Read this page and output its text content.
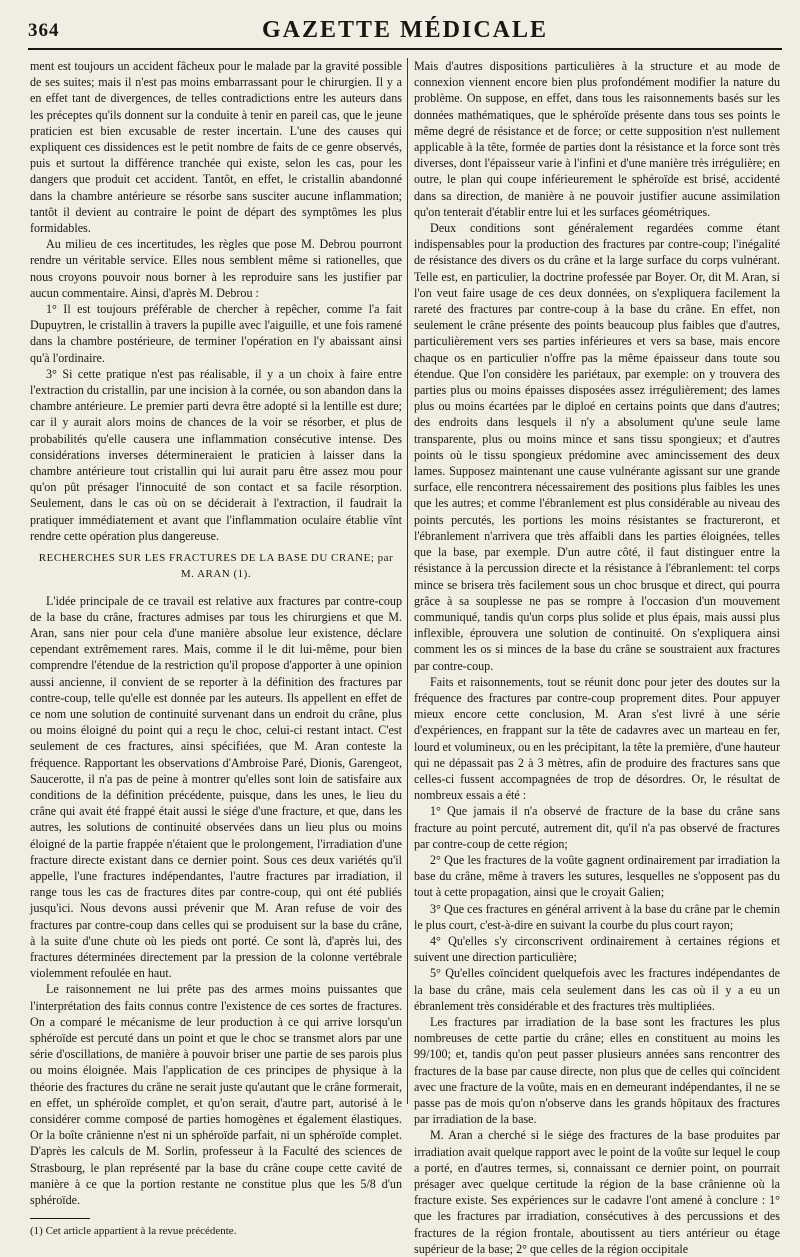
364	GAZETTE MÉDICALE

ment est toujours un accident fâcheux pour le malade par la gravité possible de ses suites; mais il n'est pas moins embarrassant pour le chirurgien. Il y a en effet tant de divergences, de telles contradictions entre les auteurs dans les préceptes qu'ils donnent sur la conduite à tenir en pareil cas, que le jeune praticien est bien excusable de rester incertain. L'une des causes qui expliquent ces dissidences est le petit nombre de faits de ce genre observés, puis et surtout la différence tranchée qui existe, selon les cas, pour les dangers que produit cet accident. Tantôt, en effet, le cristallin abandonné dans la chambre antérieure se résorbe sans susciter aucune inflammation; tantôt il devient au contraire le point de départ des symptômes les plus formidables.

Au milieu de ces incertitudes, les règles que pose M. Debrou pourront rendre un véritable service. Elles nous semblent même si rationelles, que nous croyons pouvoir nous borner à les reproduire sans les justifier par aucun commentaire. Ainsi, d'après M. Debrou :

1° Il est toujours préférable de chercher à repêcher, comme l'a fait Dupuytren, le cristallin à travers la pupille avec l'aiguille, et une fois ramené dans la chambre postérieure, de terminer l'opération en l'y abaissant ainsi qu'à l'ordinaire.

3° Si cette pratique n'est pas réalisable, il y a un choix à faire entre l'extraction du cristallin, par une incision à la cornée, ou son abandon dans la chambre antérieure. Le premier parti devra être adopté si la lentille est dure; car il y aurait alors moins de chances de la voir se résorber, et plus de probabilités qu'elle causera une inflammation consécutive intense. Des considérations inverses détermineraient le praticien à laisser dans la chambre antérieure tout cristallin qui lui aurait paru être assez mou pour qu'on pût présager l'innocuité de son contact et sa facile résorption. Seulement, dans le cas où on se déciderait à l'extraction, il faudrait la pratiquer immédiatement et avant que l'inflammation oculaire établie vînt rendre cette opération plus dangereuse.

RECHERCHES SUR LES FRACTURES DE LA BASE DU CRANE; par
M. ARAN (1).

L'idée principale de ce travail est relative aux fractures par contre-coup de la base du crâne, fractures admises par tous les chirurgiens et que M. Aran, sans nier pour cela d'une manière absolue leur existence, déclare cependant extrêmement rares. Mais, comme il le dit lui-même, pour bien comprendre l'étendue de la restriction qu'il propose d'apporter à une opinion aussi ancienne, il convient de se reporter à la définition des fractures par contre-coup, telle qu'elle est donnée par les auteurs. Ils appellent en effet de ce nom une solution de continuité survenant dans un endroit du crâne, plus ou moins éloigné du point qui a reçu le choc, celui-ci restant intact. C'est seulement de ces fractures, ainsi spécifiées, que M. Aran conteste la fréquence. Rapportant les observations d'Ambroise Paré, Dionis, Garengeot, Saucerotte, il n'a pas de peine à montrer qu'elles sont loin de satisfaire aux conditions de la définition précédente, puisque, dans les unes, le lieu du crâne qui avait été frappé était aussi le siége d'une fracture, et que, dans les autres, les solutions de continuité observées dans un lieu plus ou moins éloigné de la partie frappée n'étaient que le prolongement, l'irradiation d'une fracture directe existant dans ce dernier point. Sous ces deux variétés qu'il appelle, l'une fractures indépendantes, l'autre fractures par irradiation, il range tous les cas de fractures dites par contre-coup, qui ont été publiés jusqu'ici. Nous devons aussi prévenir que M. Aran refuse de voir des fractures par contre-coup dans celles qui se produisent sur la base du crâne, à la suite d'une chute où les pieds ont porté. Ce sont là, d'après lui, des fractures déterminées directement par la pression de la colonne vertébrale violemment refoulée en haut.

Le raisonnement ne lui prête pas des armes moins puissantes que l'interprétation des faits connus contre l'existence de ces sortes de fractures. On a comparé le mécanisme de leur production à ce qui arrive lorsqu'un sphéroïde est percuté dans un point et que le choc se transmet alors par une série d'oscillations, de manière à pouvoir briser une partie de ses parois plus ou moins éloignée. Mais l'application de ces principes de physique à la théorie des fractures du crâne ne serait juste qu'autant que le crâne formerait, en effet, un sphéroïde complet, et qu'on serait, d'autre part, autorisé à le considérer comme composé de parties homogènes et également élastiques. Or la boîte crânienne n'est ni un sphéroïde parfait, ni un sphéroïde complet. D'après les calculs de M. Sorlin, professeur à la Faculté des sciences de Strasbourg, le plan représenté par la base du crâne coupe cette cavité de manière à ce que la portion restante ne constitue plus que les 5/8 d'un sphéroïde.

(1) Cet article appartient à la revue précédente.

Mais d'autres dispositions particulières à la structure et au mode de connexion viennent encore bien plus profondément modifier la nature du problème. On suppose, en effet, dans tous les raisonnements basés sur les données mathématiques, que le sphéroïde présente dans tous ses points le même degré de résistance et de force; or cette supposition n'est nullement applicable à la tête, formée de parties dont la résistance et la force sont très diverses, dont l'épaisseur varie à l'infini et d'une manière très irrégulière; en outre, le plan qui coupe inférieurement le sphéroïde est brisé, accidenté dans sa direction, de manière à ne pouvoir justifier aucune assimilation qu'on tenterait d'établir entre lui et les surfaces géométriques.

Deux conditions sont généralement regardées comme étant indispensables pour la production des fractures par contre-coup; l'inégalité de résistance des divers os du crâne et la large surface du corps vulnérant. Telle est, en particulier, la doctrine professée par Boyer. Or, dit M. Aran, si l'on veut faire usage de ces deux données, on s'expliquera facilement la rareté des fractures par contre-coup à la base du crâne. En effet, non seulement le crâne présente des points beaucoup plus faibles que d'autres, particulièrement vers ses parties inférieures et vers sa base, mais encore chaque os en particulier n'offre pas la même épaisseur dans toute sou étendue. Que l'on considère les pariétaux, par exemple: on y trouvera des parties plus ou moins épaisses disposées assez irrégulièrement; des lames plus ou moins écartées par le diploé en certains points que dans d'autres; des endroits dans lesquels il n'y a absolument qu'une seule lame transparente, plus ou moins mince et sans tissu spongieux; et d'autres points où le tissu spongieux prédomine avec amincissement des deux lames. Supposez maintenant une cause vulnérante agissant sur une grande surface, elle rencontrera nécessairement des positions plus faibles les unes que les autres; et comme l'ébranlement est plus considérable au niveau des points percutés, les portions les moins résistantes se fractureront, et l'ébranlement n'arrivera que très affaibli dans les parties éloignées, telles que la base, par exemple. D'un autre côté, il faut distinguer entre la résistance à la percussion directe et la résistance à l'ébranlement: tel corps mince se brisera très facilement sous un choc brusque et direct, qui pourra grâce à sa souplesse ne pas se rompre à l'occasion d'un mouvement communiqué, tandis qu'un corps plus solide et plus épais, mais aussi plus inflexible, éprouvera une solution de continuité. On s'expliquera ainsi comment les os si minces de la base du crâne se soustraient aux fractures par contre-coup.

Faits et raisonnements, tout se réunit donc pour jeter des doutes sur la fréquence des fractures par contre-coup proprement dites. Pour appuyer mieux encore cette conclusion, M. Aran s'est livré à une série d'expériences, en frappant sur la tête de cadavres avec un marteau en fer, lourd et volumineux, ou en les précipitant, la tête la première, d'une hauteur qui ne dépassait pas 2 à 3 mètres, afin de produire des fractures sans que celles-ci fussent accompagnées de trop de désordres. Or, le résultat de nombreux essais a été :

1° Que jamais il n'a observé de fracture de la base du crâne sans fracture au point percuté, autrement dit, qu'il n'a pas observé de fractures par contre-coup de cette région;

2° Que les fractures de la voûte gagnent ordinairement par irradiation la base du crâne, même à travers les sutures, lesquelles ne s'opposent pas du tout à cette propagation, ainsi que le croyait Galien;

3° Que ces fractures en général arrivent à la base du crâne par le chemin le plus court, c'est-à-dire en suivant la courbe du plus court rayon;

4° Qu'elles s'y circonscrivent ordinairement à certaines régions et suivent une direction particulière;

5° Qu'elles coïncident quelquefois avec les fractures indépendantes de la base du crâne, mais cela seulement dans les cas où il y a eu un ébranlement très considérable et des fractures très multipliées.

Les fractures par irradiation de la base sont les fractures les plus nombreuses de cette partie du crâne; elles en constituent au moins les 99/100; et, tandis qu'on peut passer plusieurs années sans rencontrer des fractures de la base par cause directe, non plus que de celles qui coïncident avec une fracture de la voûte, mais en en demeurant indépendantes, il ne se passe pas de mois qu'on n'observe dans les grands hôpitaux des fractures par irradiation de la base.

M. Aran a cherché si le siége des fractures de la base produites par irradiation avait quelque rapport avec le point de la voûte sur lequel le coup a porté, en d'autres termes, si, connaissant ce dernier point, on pourrait présager avec quelque certitude la région de la base crânienne où la fracture existe. Ses expériences sur le cadavre l'ont amené à conclure : 1° que les fractures par irradiation, consécutives à des percussions et des fractures de la région frontale, aboutissent au tiers antérieur ou étage supérieur de la base; 2° que celles de la région occipitale
